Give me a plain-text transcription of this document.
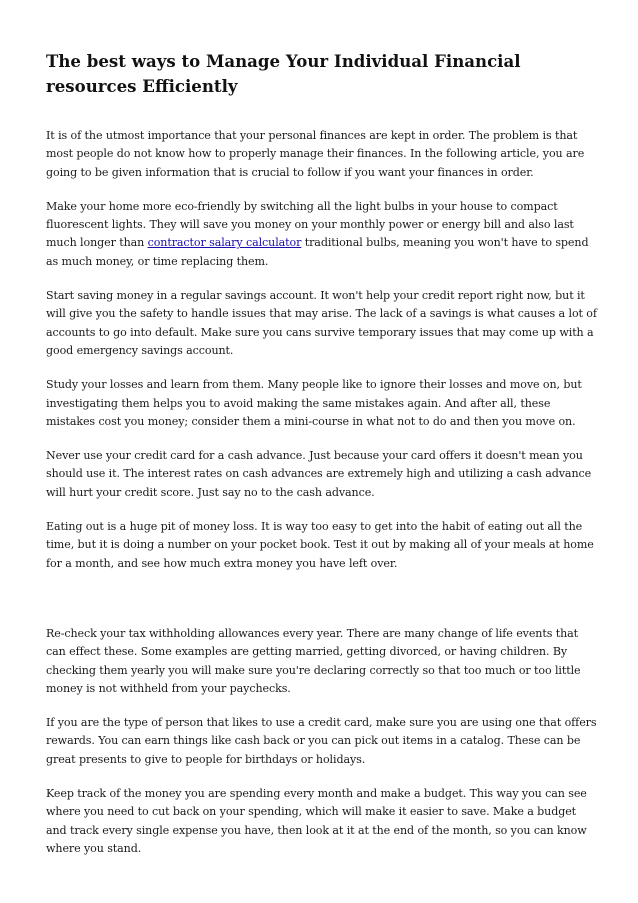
The best ways to Manage Your Individual Financial resources Efficiently

It is of the utmost importance that your personal finances are kept in order. The problem is that most people do not know how to properly manage their finances. In the following article, you are going to be given information that is crucial to follow if you want your finances in order.

Make your home more eco-friendly by switching all the light bulbs in your house to compact fluorescent lights. They will save you money on your monthly power or energy bill and also last much longer than contractor salary calculator traditional bulbs, meaning you won't have to spend as much money, or time replacing them.

Start saving money in a regular savings account. It won't help your credit report right now, but it will give you the safety to handle issues that may arise. The lack of a savings is what causes a lot of accounts to go into default. Make sure you cans survive temporary issues that may come up with a good emergency savings account.

Study your losses and learn from them. Many people like to ignore their losses and move on, but investigating them helps you to avoid making the same mistakes again. And after all, these mistakes cost you money; consider them a mini-course in what not to do and then you move on.

Never use your credit card for a cash advance. Just because your card offers it doesn't mean you should use it. The interest rates on cash advances are extremely high and utilizing a cash advance will hurt your credit score. Just say no to the cash advance.

Eating out is a huge pit of money loss. It is way too easy to get into the habit of eating out all the time, but it is doing a number on your pocket book. Test it out by making all of your meals at home for a month, and see how much extra money you have left over.

Re-check your tax withholding allowances every year. There are many change of life events that can effect these. Some examples are getting married, getting divorced, or having children. By checking them yearly you will make sure you're declaring correctly so that too much or too little money is not withheld from your paychecks.

If you are the type of person that likes to use a credit card, make sure you are using one that offers rewards. You can earn things like cash back or you can pick out items in a catalog. These can be great presents to give to people for birthdays or holidays.

Keep track of the money you are spending every month and make a budget. This way you can see where you need to cut back on your spending, which will make it easier to save. Make a budget and track every single expense you have, then look at it at the end of the month, so you can know where you stand.
